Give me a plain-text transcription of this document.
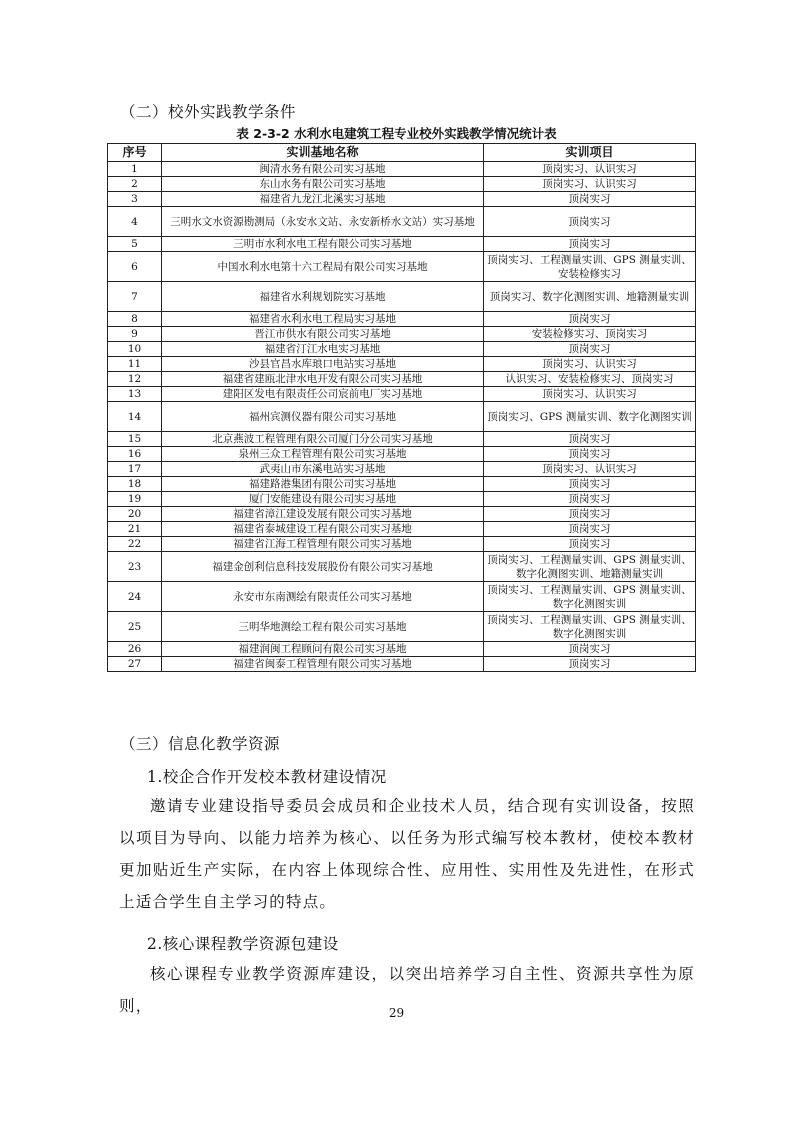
（二）校外实践教学条件
表 2-3-2 水利水电建筑工程专业校外实践教学情况统计表
序号	实训基地名称	实训项目
1	闽清水务有限公司实习基地	顶岗实习、认识实习
2	东山水务有限公司实习基地	顶岗实习、认识实习
3	福建省九龙江北溪实习基地	顶岗实习
4	三明水文水资源勘测局（永安水文站、永安新桥水文站）实习基地	顶岗实习
5	三明市水利水电工程有限公司实习基地	顶岗实习
6	中国水利水电第十六工程局有限公司实习基地	顶岗实习、工程测量实训、GPS 测量实训、安装检修实习
7	福建省水利规划院实习基地	顶岗实习、数字化测图实训、地籍测量实训
8	福建省水利水电工程局实习基地	顶岗实习
9	晋江市供水有限公司实习基地	安装检修实习、顶岗实习
10	福建省汀江水电实习基地	顶岗实习
11	沙县官昌水库琅口电站实习基地	顶岗实习、认识实习
12	福建省建瓯北津水电开发有限公司实习基地	认识实习、安装检修实习、顶岗实习
13	建阳区发电有限责任公司宸前电厂实习基地	顶岗实习、认识实习
14	福州宾测仪器有限公司实习基地	顶岗实习、GPS 测量实训、数字化测图实训
15	北京燕波工程管理有限公司厦门分公司实习基地	顶岗实习
16	泉州三众工程管理有限公司实习基地	顶岗实习
17	武夷山市东溪电站实习基地	顶岗实习、认识实习
18	福建路港集团有限公司实习基地	顶岗实习
19	厦门安能建设有限公司实习基地	顶岗实习
20	福建省漳江建设发展有限公司实习基地	顶岗实习
21	福建省泰城建设工程有限公司实习基地	顶岗实习
22	福建省江海工程管理有限公司实习基地	顶岗实习
23	福建金创利信息科技发展股份有限公司实习基地	顶岗实习、工程测量实训、GPS 测量实训、数字化测图实训、地籍测量实训
24	永安市东南测绘有限责任公司实习基地	顶岗实习、工程测量实训、GPS 测量实训、数字化测图实训
25	三明华地测绘工程有限公司实习基地	顶岗实习、工程测量实训、GPS 测量实训、数字化测图实训
26	福建润闽工程顾问有限公司实习基地	顶岗实习
27	福建省闽泰工程管理有限公司实习基地	顶岗实习
（三）信息化教学资源
1.校企合作开发校本教材建设情况

邀请专业建设指导委员会成员和企业技术人员，结合现有实训设备，按照以项目为导向、以能力培养为核心、以任务为形式编写校本教材，使校本教材更加贴近生产实际，在内容上体现综合性、应用性、实用性及先进性，在形式上适合学生自主学习的特点。

2.核心课程教学资源包建设

核心课程专业教学资源库建设，以突出培养学习自主性、资源共享性为原则，	29
